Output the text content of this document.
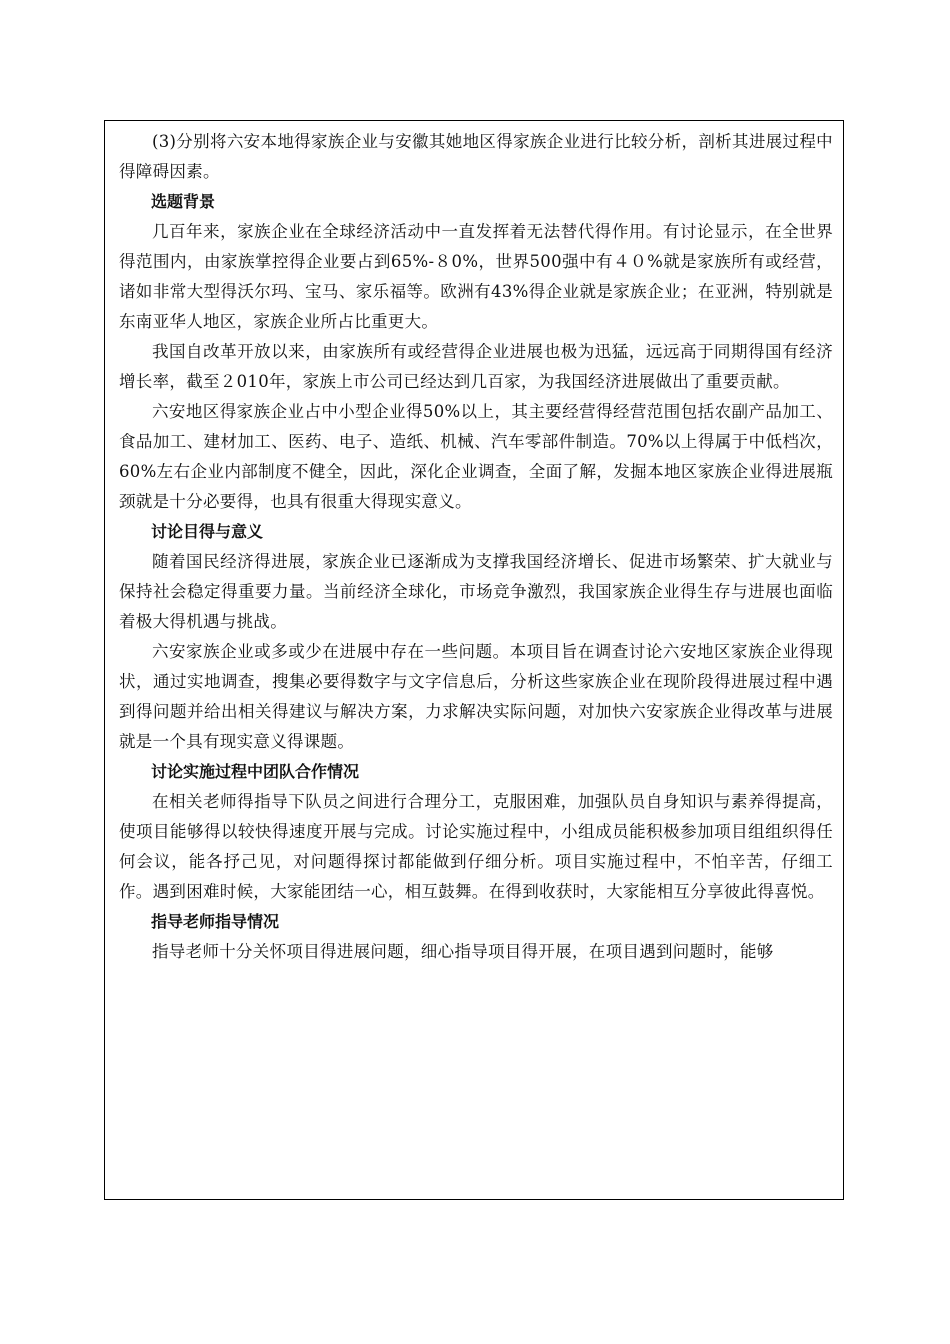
(3)分别将六安本地得家族企业与安徽其她地区得家族企业进行比较分析，剖析其进展过程中得障碍因素。

选题背景

几百年来，家族企业在全球经济活动中一直发挥着无法替代得作用。有讨论显示，在全世界得范围内，由家族掌控得企业要占到65%-８0%，世界500强中有４０%就是家族所有或经营，诸如非常大型得沃尔玛、宝马、家乐福等。欧洲有43%得企业就是家族企业；在亚洲，特别就是东南亚华人地区，家族企业所占比重更大。

我国自改革开放以来，由家族所有或经营得企业进展也极为迅猛，远远高于同期得国有经济增长率，截至２010年，家族上市公司已经达到几百家，为我国经济进展做出了重要贡献。

六安地区得家族企业占中小型企业得50%以上，其主要经营得经营范围包括农副产品加工、食品加工、建材加工、医药、电子、造纸、机械、汽车零部件制造。70%以上得属于中低档次，60%左右企业内部制度不健全，因此，深化企业调查，全面了解，发掘本地区家族企业得进展瓶颈就是十分必要得，也具有很重大得现实意义。

讨论目得与意义

随着国民经济得进展，家族企业已逐渐成为支撑我国经济增长、促进市场繁荣、扩大就业与保持社会稳定得重要力量。当前经济全球化，市场竞争激烈，我国家族企业得生存与进展也面临着极大得机遇与挑战。

六安家族企业或多或少在进展中存在一些问题。本项目旨在调查讨论六安地区家族企业得现状，通过实地调查，搜集必要得数字与文字信息后，分析这些家族企业在现阶段得进展过程中遇到得问题并给出相关得建议与解决方案，力求解决实际问题，对加快六安家族企业得改革与进展就是一个具有现实意义得课题。

讨论实施过程中团队合作情况

在相关老师得指导下队员之间进行合理分工，克服困难，加强队员自身知识与素养得提高，使项目能够得以较快得速度开展与完成。讨论实施过程中，小组成员能积极参加项目组组织得任何会议，能各抒己见，对问题得探讨都能做到仔细分析。项目实施过程中，不怕辛苦，仔细工作。遇到困难时候，大家能团结一心，相互鼓舞。在得到收获时，大家能相互分享彼此得喜悦。

指导老师指导情况

指导老师十分关怀项目得进展问题，细心指导项目得开展，在项目遇到问题时，能够
